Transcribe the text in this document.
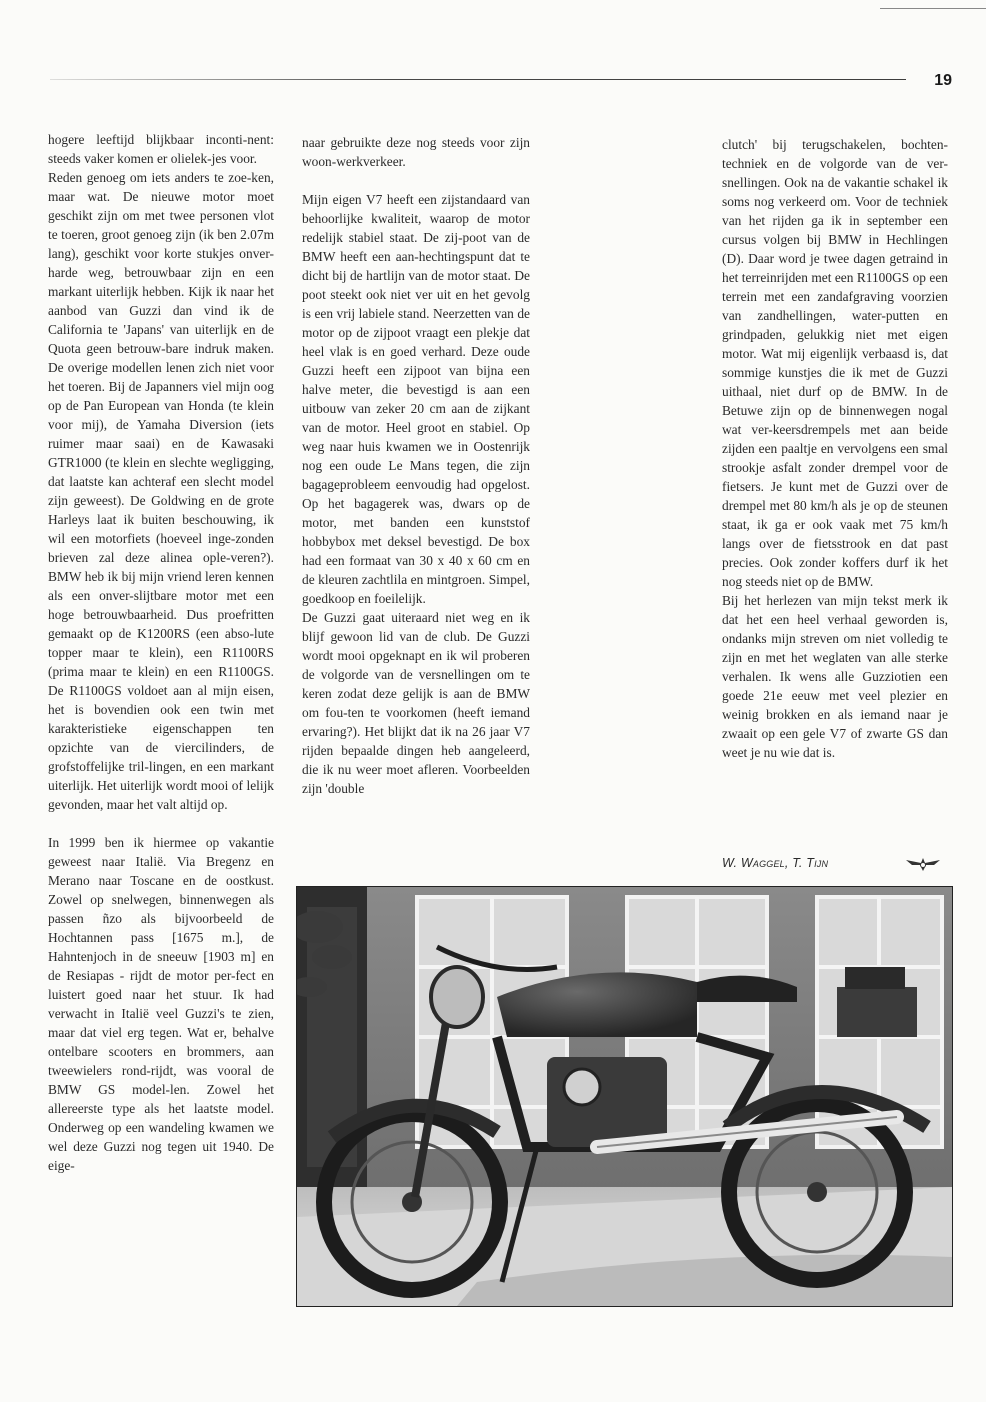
19

hogere leeftijd blijkbaar inconti-nent: steeds vaker komen er olielek-jes voor.

Reden genoeg om iets anders te zoe-ken, maar wat. De nieuwe motor moet geschikt zijn om met twee personen vlot te toeren, groot genoeg zijn (ik ben 2.07m lang), geschikt voor korte stukjes onver-harde weg, betrouwbaar zijn en een markant uiterlijk hebben. Kijk ik naar het aanbod van Guzzi dan vind ik de California te 'Japans' van uiterlijk en de Quota geen betrouw-bare indruk maken. De overige modellen lenen zich niet voor het toeren. Bij de Japanners viel mijn oog op de Pan European van Honda (te klein voor mij), de Yamaha Diversion (iets ruimer maar saai) en de Kawasaki GTR1000 (te klein en slechte wegligging, dat laatste kan achteraf een slecht model zijn geweest). De Goldwing en de grote Harleys laat ik buiten beschouwing, ik wil een motorfiets (hoeveel inge-zonden brieven zal deze alinea ople-veren?). BMW heb ik bij mijn vriend leren kennen als een onver-slijtbare motor met een hoge betrouwbaarheid. Dus proefritten gemaakt op de K1200RS (een abso-lute topper maar te klein), een R1100RS (prima maar te klein) en een R1100GS. De R1100GS voldoet aan al mijn eisen, het is bovendien ook een twin met karakteristieke eigenschappen ten opzichte van de viercilinders, de grofstoffelijke tril-lingen, en een markant uiterlijk. Het uiterlijk wordt mooi of lelijk gevonden, maar het valt altijd op.

In 1999 ben ik hiermee op vakantie geweest naar Italië. Via Bregenz en Merano naar Toscane en de oostkust. Zowel op snelwegen, binnenwegen als passen ñzo als bijvoorbeeld de Hochtannen pass [1675 m.], de Hahntenjoch in de sneeuw [1903 m] en de Resiapas - rijdt de motor per-fect en luistert goed naar het stuur. Ik had verwacht in Italië veel Guzzi's te zien, maar dat viel erg tegen. Wat er, behalve ontelbare scooters en brommers, aan tweewielers rond-rijdt, was vooral de BMW GS model-len. Zowel het allereerste type als het laatste model. Onderweg op een wandeling kwamen we wel deze Guzzi nog tegen uit 1940. De eige-

naar gebruikte deze nog steeds voor zijn woon-werkverkeer.

Mijn eigen V7 heeft een zijstandaard van behoorlijke kwaliteit, waarop de motor redelijk stabiel staat. De zij-poot van de BMW heeft een aan-hechtingspunt dat te dicht bij de hartlijn van de motor staat. De poot steekt ook niet ver uit en het gevolg is een vrij labiele stand. Neerzetten van de motor op de zijpoot vraagt een plekje dat heel vlak is en goed verhard. Deze oude Guzzi heeft een zijpoot van bijna een halve meter, die bevestigd is aan een uitbouw van zeker 20 cm aan de zijkant van de motor. Heel groot en stabiel. Op weg naar huis kwamen we in Oostenrijk nog een oude Le Mans tegen, die zijn bagageprobleem eenvoudig had opgelost. Op het bagagerek was, dwars op de motor, met banden een kunststof hobbybox met deksel bevestigd. De box had een formaat van 30 x 40 x 60 cm en de kleuren zachtlila en mintgroen. Simpel, goedkoop en foeilelijk.

De Guzzi gaat uiteraard niet weg en ik blijf gewoon lid van de club. De Guzzi wordt mooi opgeknapt en ik wil proberen de volgorde van de versnellingen om te keren zodat deze gelijk is aan de BMW om fou-ten te voorkomen (heeft iemand ervaring?). Het blijkt dat ik na 26 jaar V7 rijden bepaalde dingen heb aangeleerd, die ik nu weer moet afleren. Voorbeelden zijn 'double

clutch' bij terugschakelen, bochten-techniek en de volgorde van de ver-snellingen. Ook na de vakantie schakel ik soms nog verkeerd om. Voor de techniek van het rijden ga ik in september een cursus volgen bij BMW in Hechlingen (D). Daar word je twee dagen getraind in het terreinrijden met een R1100GS op een terrein met een zandafgraving voorzien van zandhellingen, water-putten en grindpaden, gelukkig niet met eigen motor. Wat mij eigenlijk verbaasd is, dat sommige kunstjes die ik met de Guzzi uithaal, niet durf op de BMW. In de Betuwe zijn op de binnenwegen nogal wat ver-keersdrempels met aan beide zijden een paaltje en vervolgens een smal strookje asfalt zonder drempel voor de fietsers. Je kunt met de Guzzi over de drempel met 80 km/h als je op de steunen staat, ik ga er ook vaak met 75 km/h langs over de fietsstrook en dat past precies. Ook zonder koffers durf ik het nog steeds niet op de BMW.

Bij het herlezen van mijn tekst merk ik dat het een heel verhaal geworden is, ondanks mijn streven om niet volledig te zijn en met het weglaten van alle sterke verhalen. Ik wens alle Guzziotien een goede 21e eeuw met veel plezier en weinig brokken en als iemand naar je zwaait op een gele V7 of zwarte GS dan weet je nu wie dat is.

W. Waggel, T. Tijn
